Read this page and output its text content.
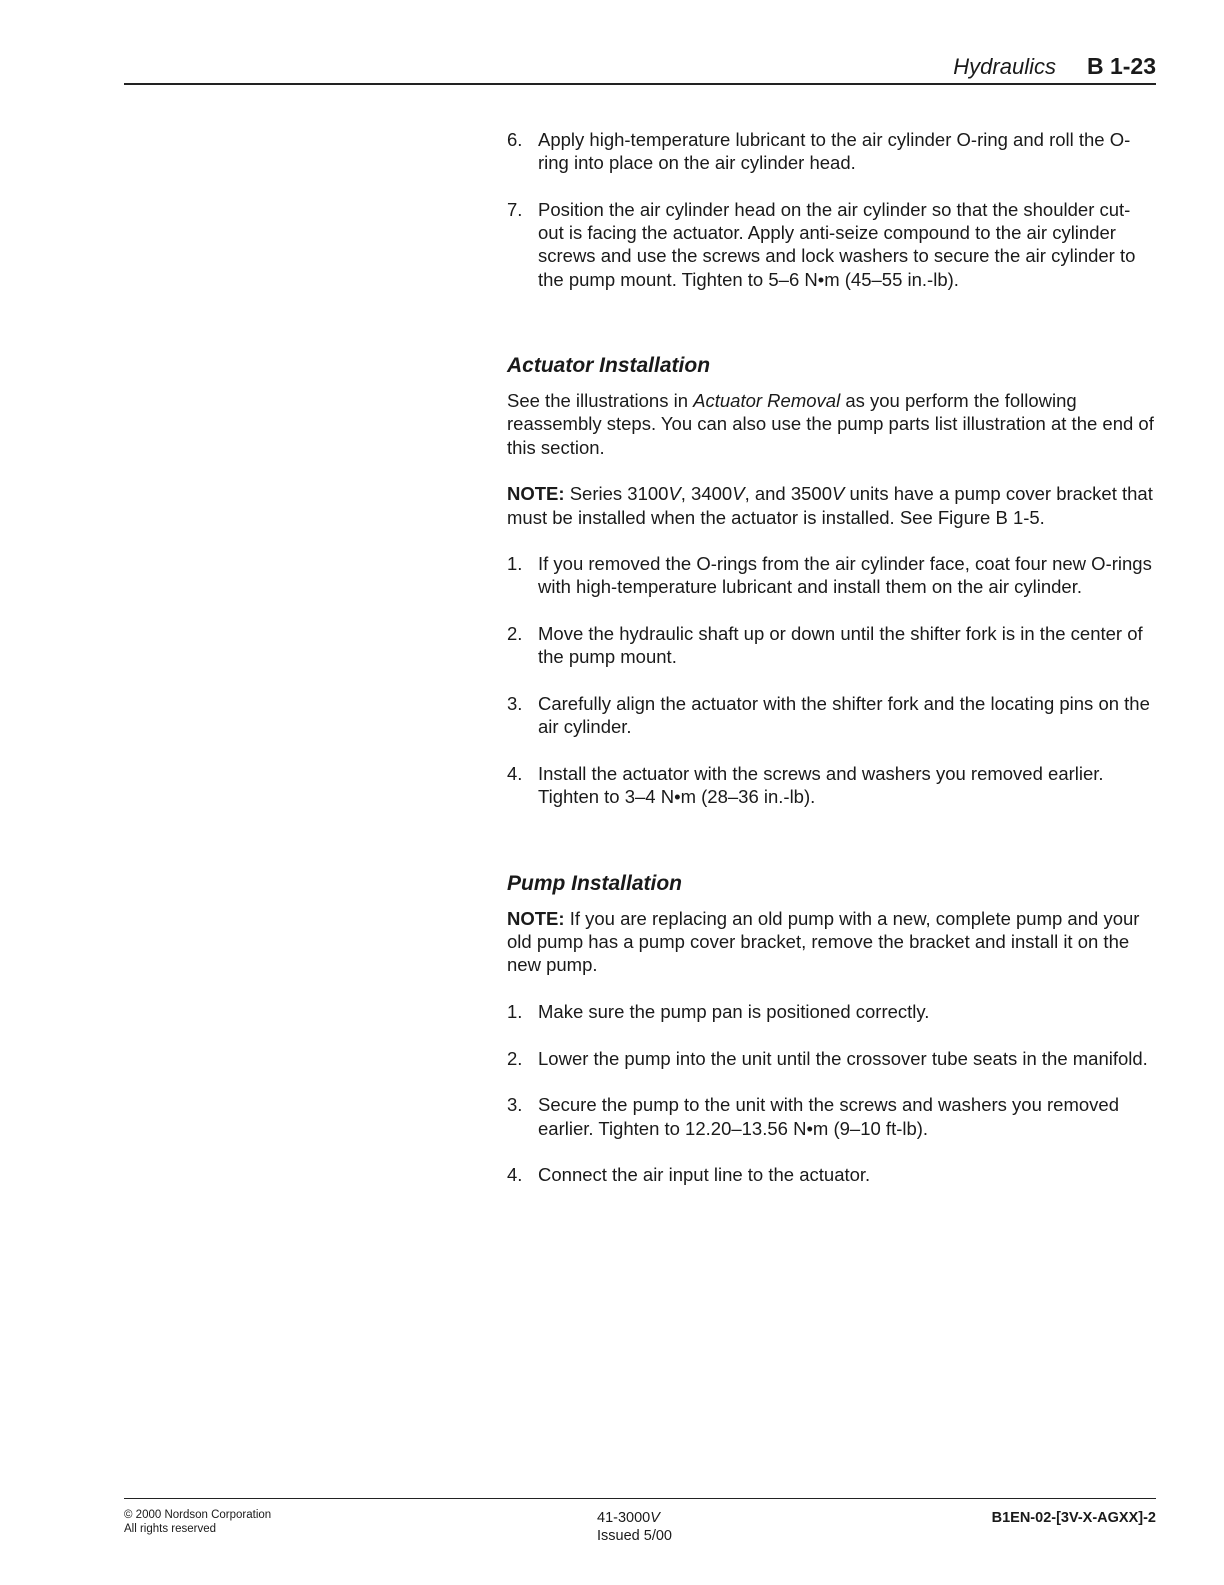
Hydraulics B 1-23
6. Apply high-temperature lubricant to the air cylinder O-ring and roll the O-ring into place on the air cylinder head.
7. Position the air cylinder head on the air cylinder so that the shoulder cut-out is facing the actuator. Apply anti-seize compound to the air cylinder screws and use the screws and lock washers to secure the air cylinder to the pump mount. Tighten to 5–6 N•m (45–55 in.-lb).
Actuator Installation
See the illustrations in Actuator Removal as you perform the following reassembly steps. You can also use the pump parts list illustration at the end of this section.
NOTE: Series 3100V, 3400V, and 3500V units have a pump cover bracket that must be installed when the actuator is installed. See Figure B 1-5.
1. If you removed the O-rings from the air cylinder face, coat four new O-rings with high-temperature lubricant and install them on the air cylinder.
2. Move the hydraulic shaft up or down until the shifter fork is in the center of the pump mount.
3. Carefully align the actuator with the shifter fork and the locating pins on the air cylinder.
4. Install the actuator with the screws and washers you removed earlier. Tighten to 3–4 N•m (28–36 in.-lb).
Pump Installation
NOTE: If you are replacing an old pump with a new, complete pump and your old pump has a pump cover bracket, remove the bracket and install it on the new pump.
1. Make sure the pump pan is positioned correctly.
2. Lower the pump into the unit until the crossover tube seats in the manifold.
3. Secure the pump to the unit with the screws and washers you removed earlier. Tighten to 12.20–13.56 N•m (9–10 ft-lb).
4. Connect the air input line to the actuator.
© 2000 Nordson Corporation
All rights reserved
41-3000V
Issued 5/00
B1EN-02-[3V-X-AGXX]-2
